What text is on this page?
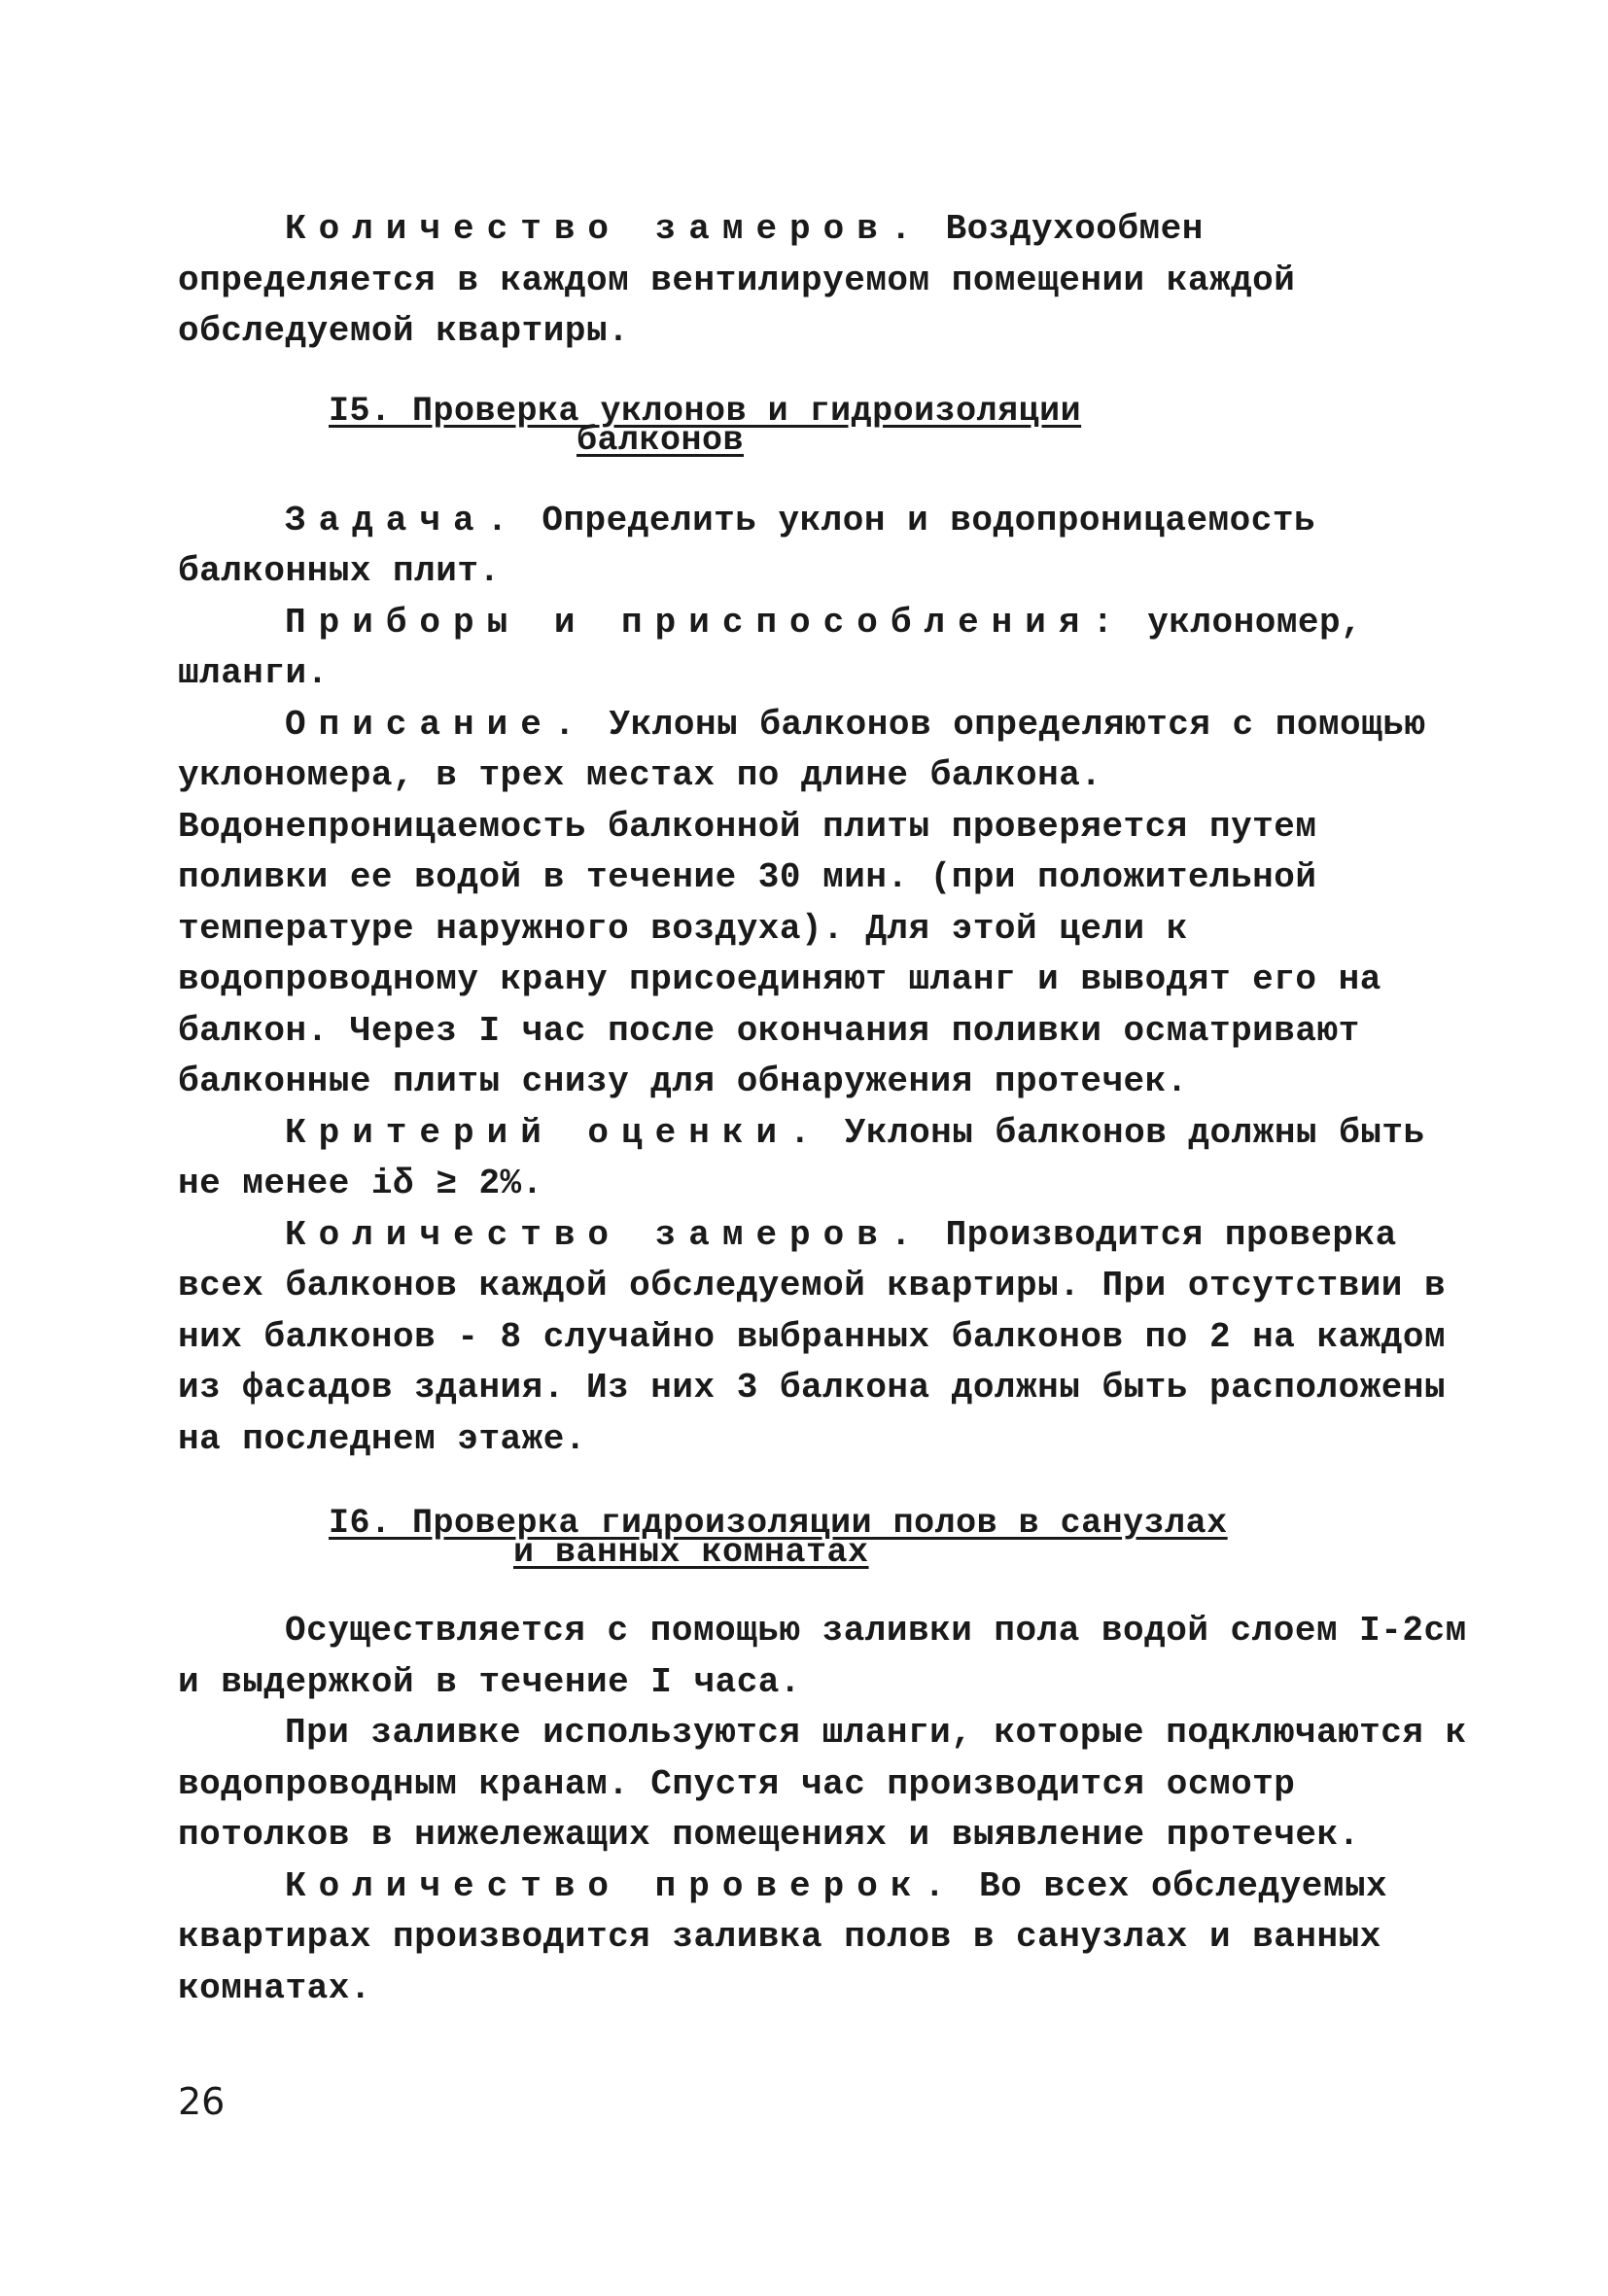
Количество замеров. Воздухообмен определяется в каждом вентилируемом помещении каждой обследуемой квартиры.

I5. Проверка уклонов и гидроизоляции
балконов

Задача. Определить уклон и водопроницаемость балконных плит.

Приборы и приспособления: уклономер, шланги.

Описание. Уклоны балконов определяются с помощью уклономера, в трех местах по длине балкона. Водонепроницаемость балконной плиты проверяется путем поливки ее водой в течение 30 мин. (при положительной температуре наружного воздуха). Для этой цели к водопроводному крану присоединяют шланг и выводят его на балкон. Через I час после окончания поливки осматривают балконные плиты снизу для обнаружения протечек.

Критерий оценки. Уклоны балконов должны быть не менее iδ ≥ 2%.

Количество замеров. Производится проверка всех балконов каждой обследуемой квартиры. При отсутствии в них балконов - 8 случайно выбранных балконов по 2 на каждом из фасадов здания. Из них 3 балкона должны быть расположены на последнем этаже.

I6. Проверка гидроизоляции полов в санузлах
и ванных комнатах

Осуществляется с помощью заливки пола водой слоем I-2см и выдержкой в течение I часа.

При заливке используются шланги, которые подключаются к водопроводным кранам. Спустя час производится осмотр потолков в нижележащих помещениях и выявление протечек.

Количество проверок. Во всех обследуемых квартирах производится заливка полов в санузлах и ванных комнатах.

26
